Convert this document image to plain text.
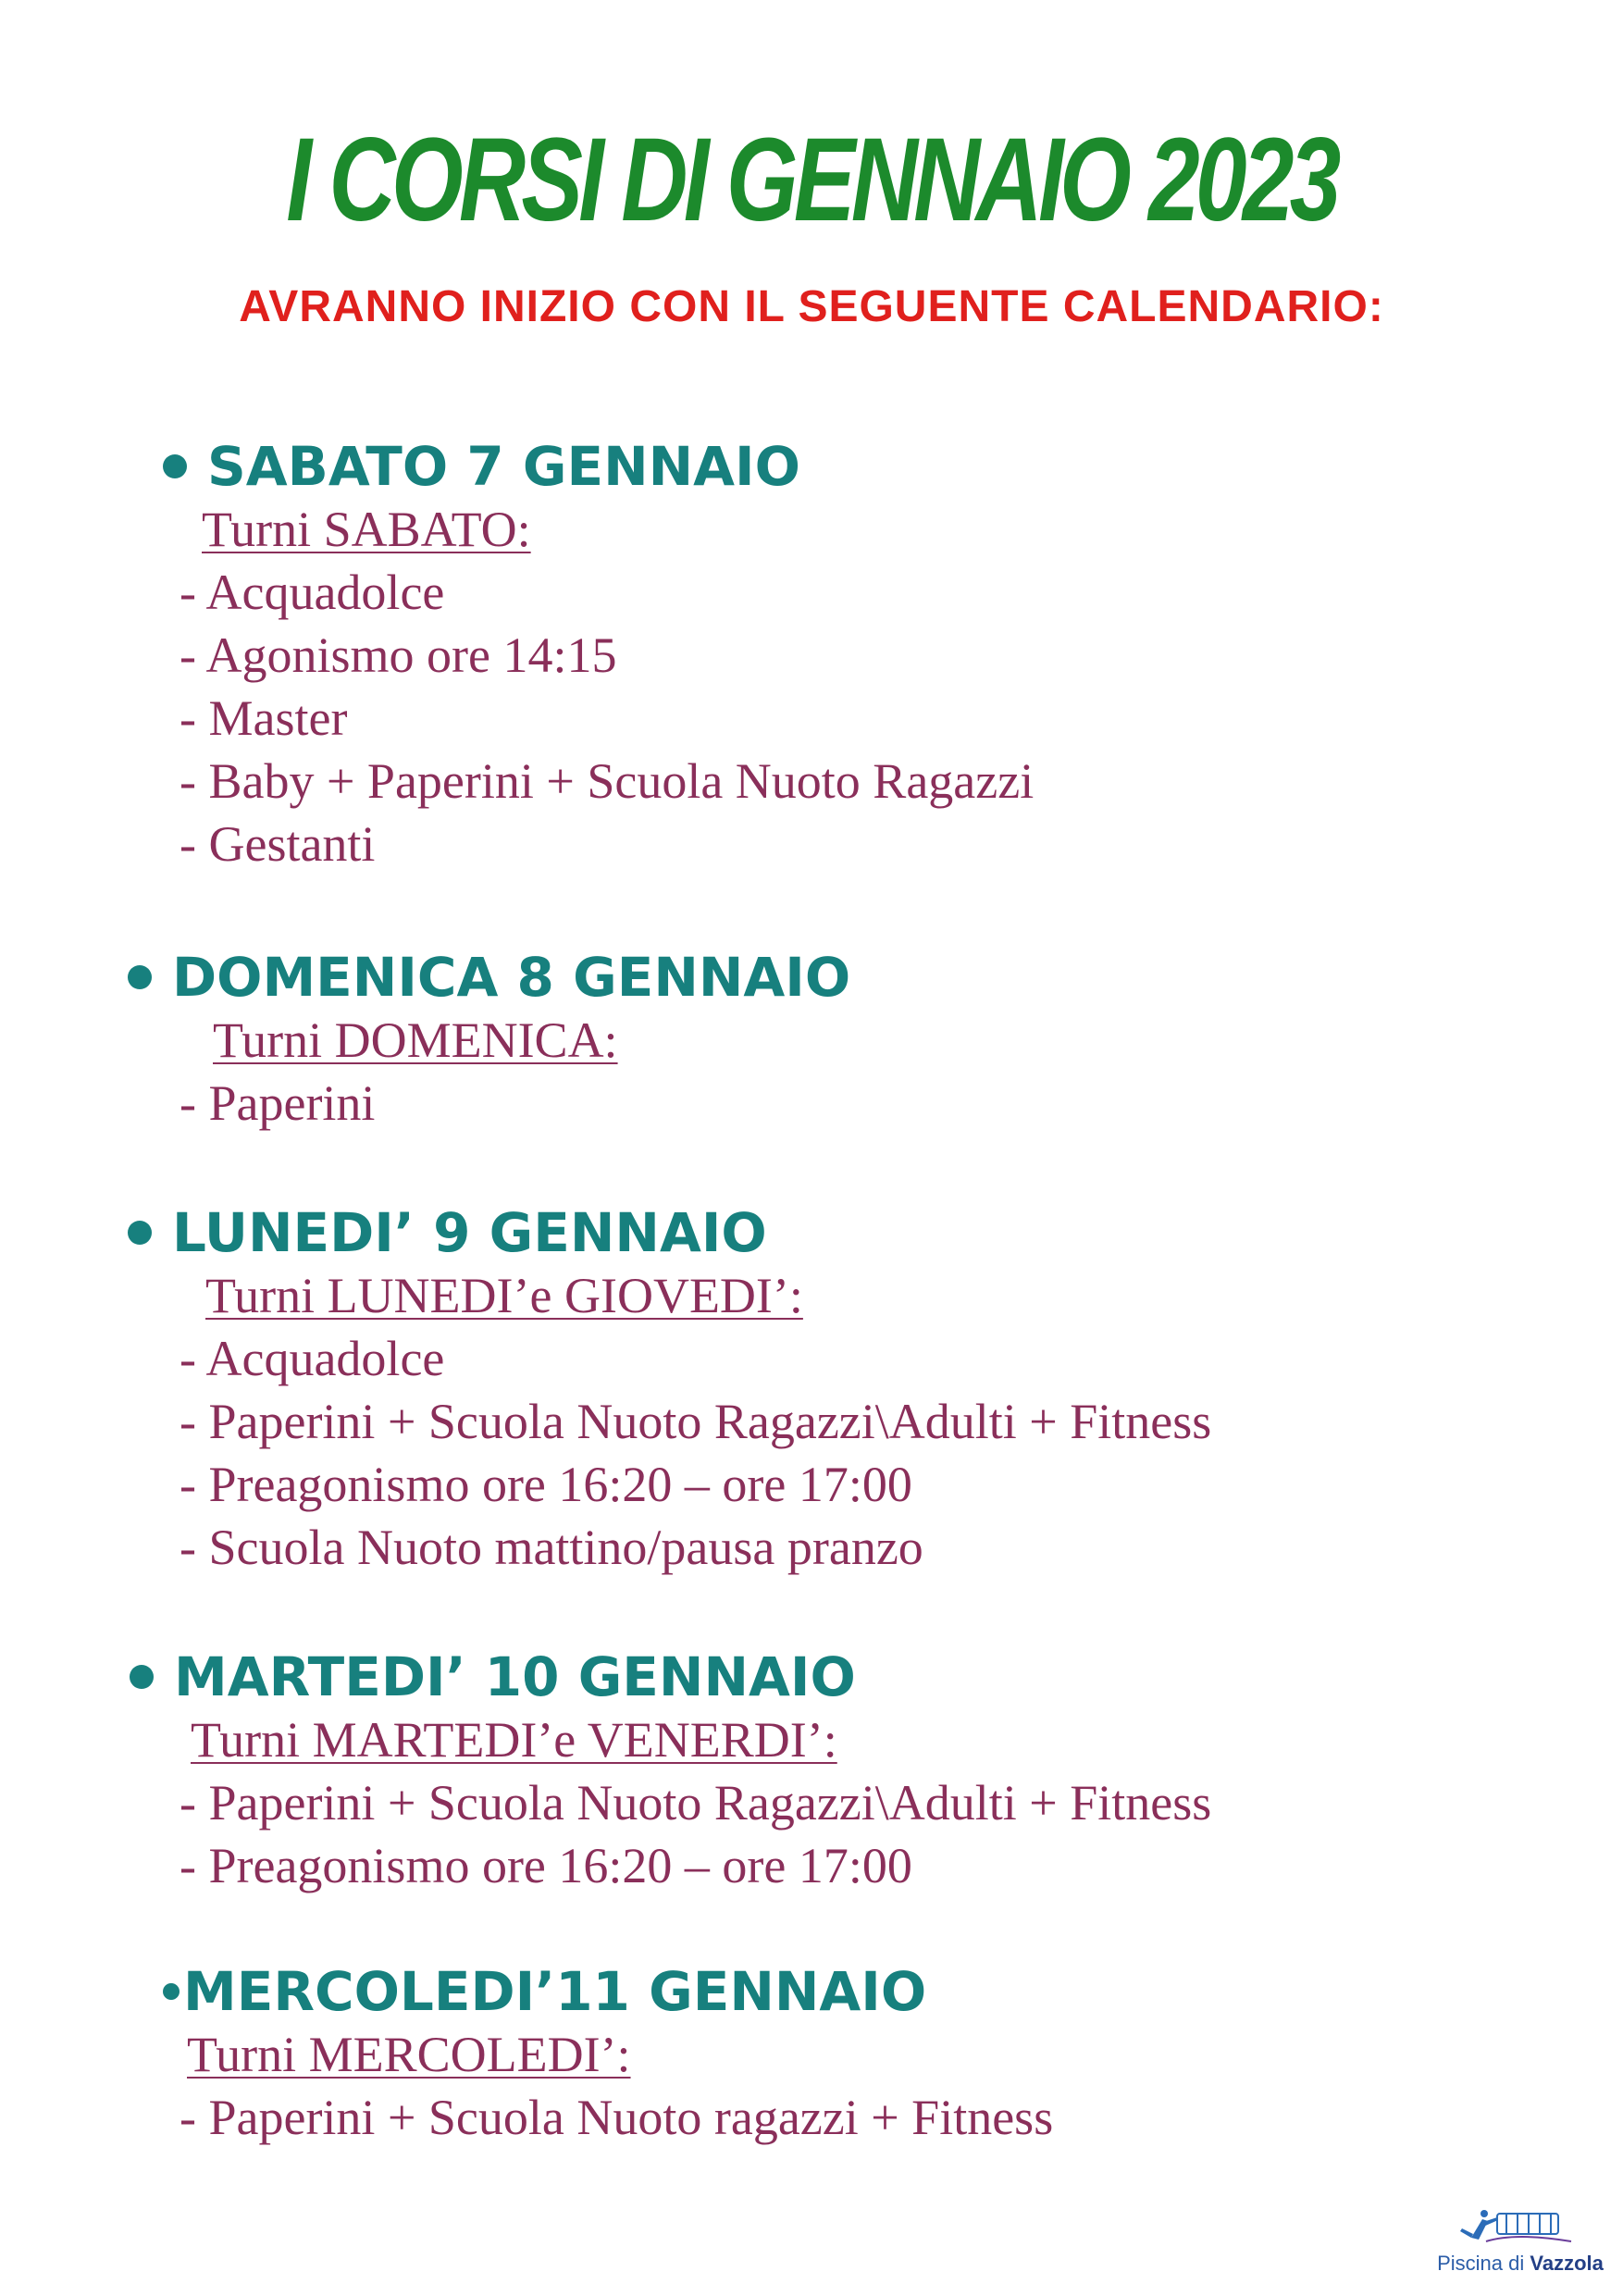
I CORSI DI GENNAIO 2023
AVRANNO INIZIO CON IL SEGUENTE CALENDARIO:
SABATO 7 GENNAIO
Turni SABATO:
- Acquadolce
- Agonismo ore 14:15
- Master
- Baby + Paperini + Scuola Nuoto Ragazzi
- Gestanti
DOMENICA 8 GENNAIO
Turni DOMENICA:
- Paperini
LUNEDI’ 9 GENNAIO
Turni LUNEDI’e GIOVEDI’:
- Acquadolce
- Paperini + Scuola Nuoto Ragazzi\Adulti + Fitness
- Preagonismo ore 16:20 – ore 17:00
- Scuola Nuoto mattino/pausa pranzo
MARTEDI’ 10 GENNAIO
Turni MARTEDI’e VENERDI’:
- Paperini + Scuola Nuoto Ragazzi\Adulti + Fitness
- Preagonismo ore 16:20 – ore 17:00
MERCOLEDI’11 GENNAIO
Turni MERCOLEDI’:
- Paperini + Scuola Nuoto ragazzi + Fitness
Piscina di Vazzola
